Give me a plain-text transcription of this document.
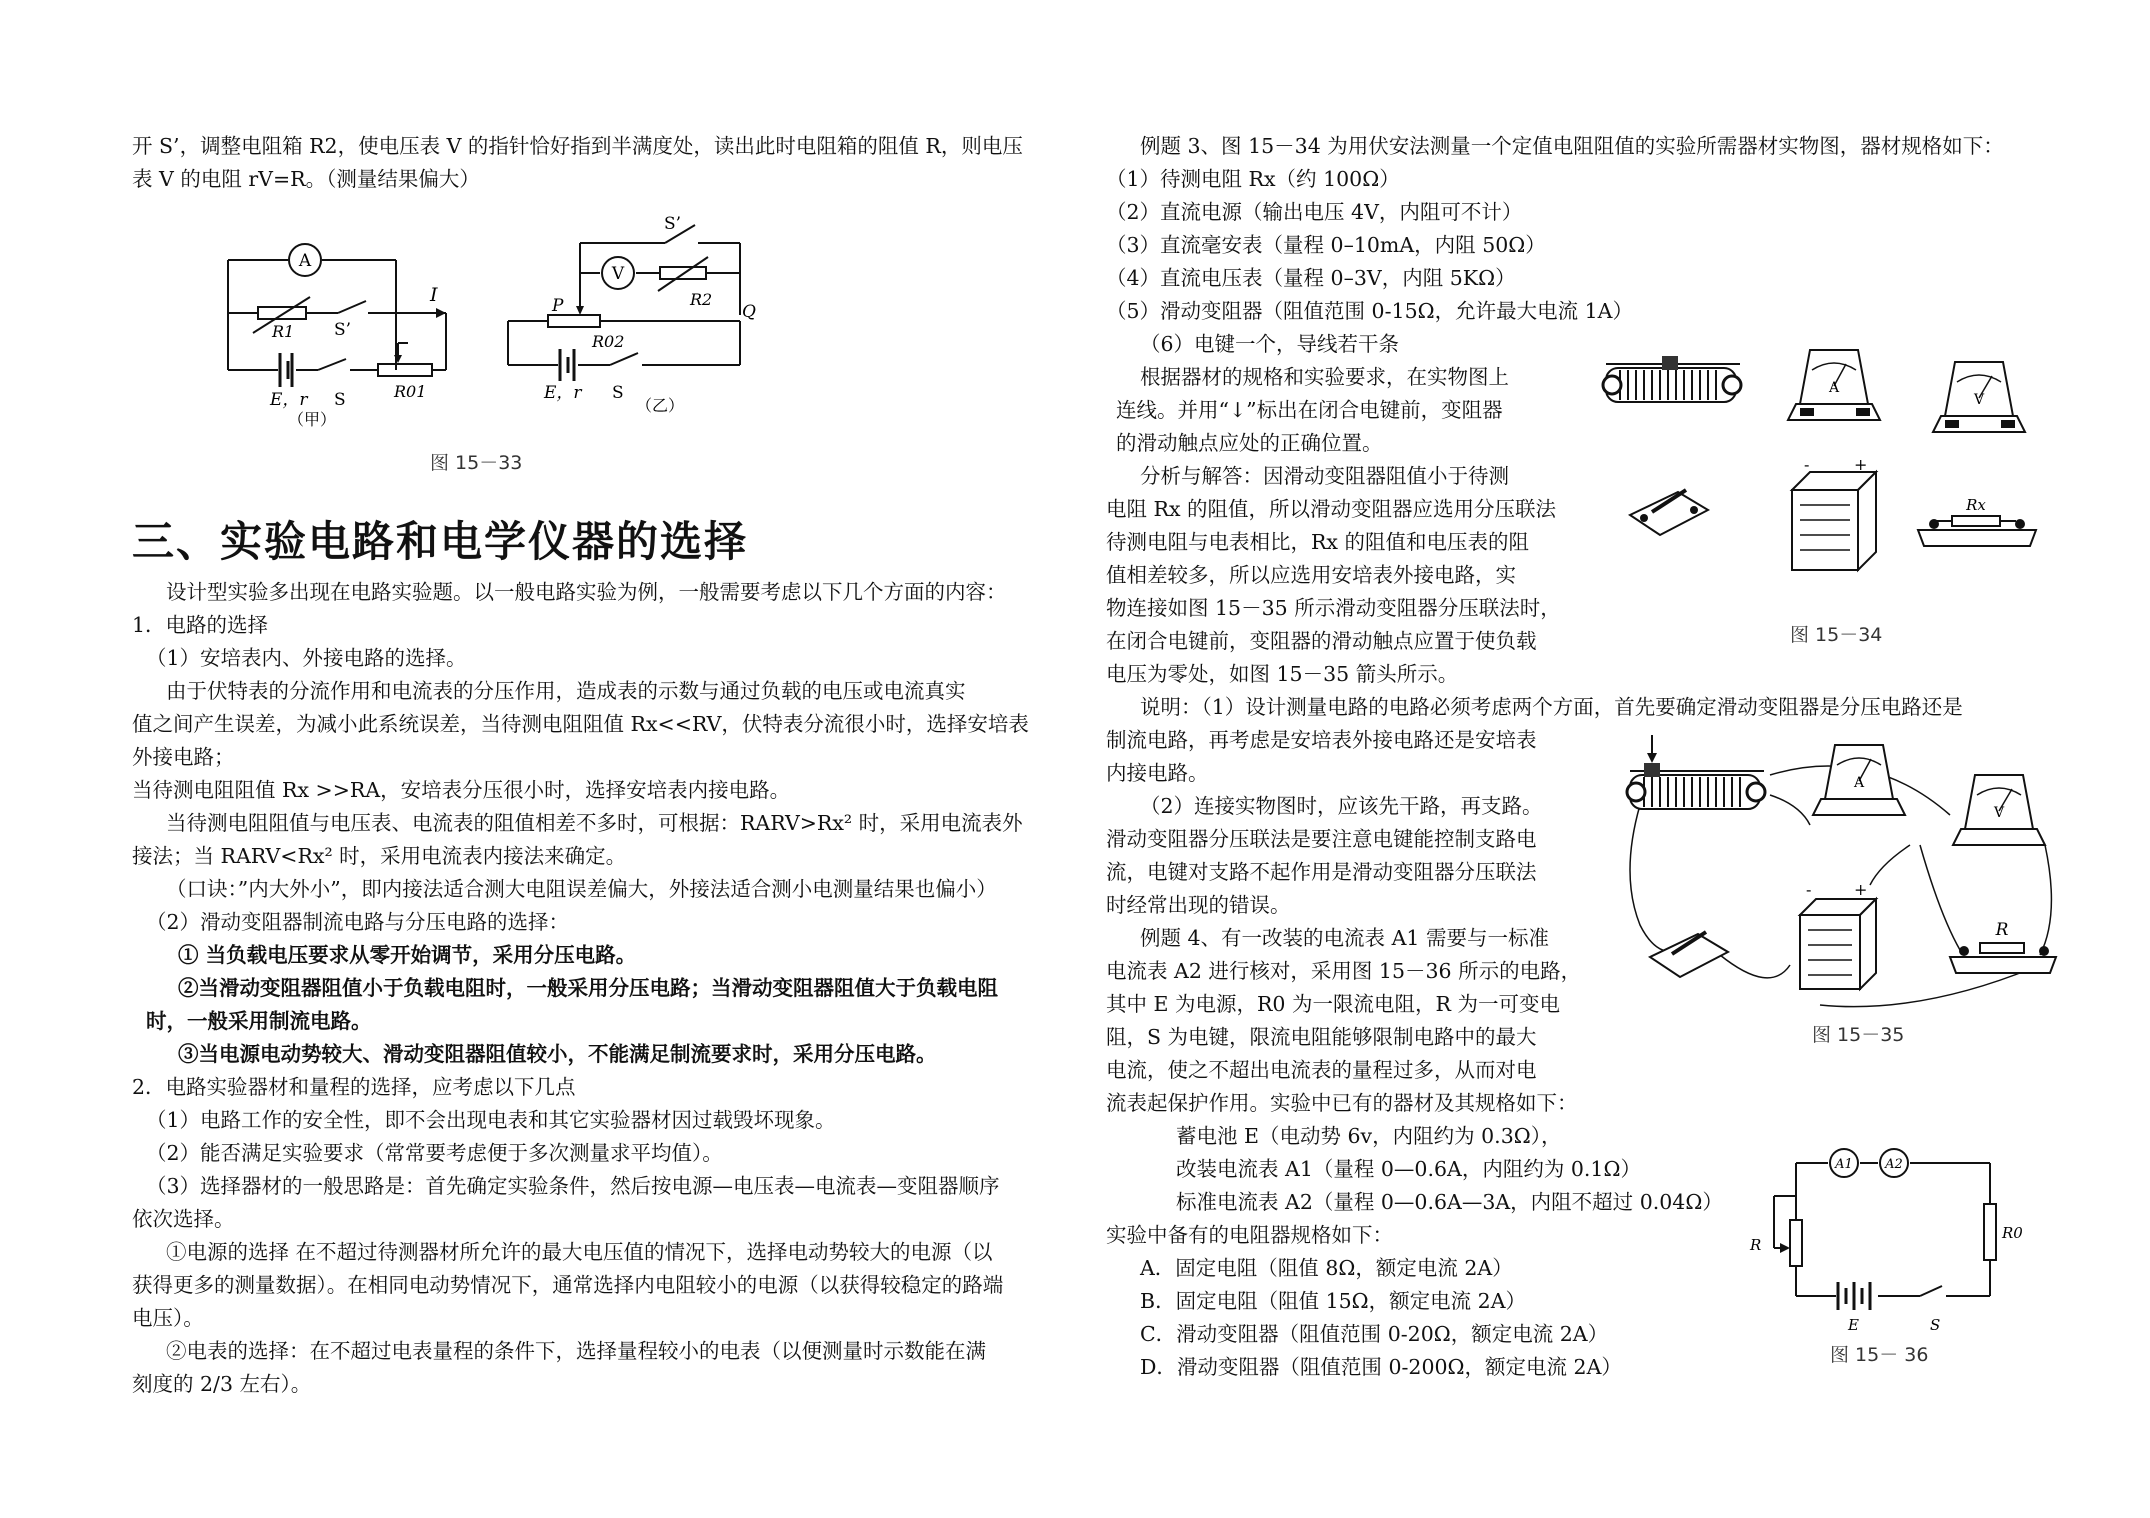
开 S’，调整电阻箱 R2，使电压表 V 的指针恰好指到半满度处，读出此时电阻箱的阻值 R，则电压

表 V 的电阻 rV=R。（测量结果偏大）

A
I
R1 S’
E，r S	R01
（甲）
V
S’
R2
P	Q
R02
E，r S
（乙）
图 15－33

三、实验电路和电学仪器的选择

设计型实验多出现在电路实验题。以一般电路实验为例，一般需要考虑以下几个方面的内容：

1．电路的选择

（1）安培表内、外接电路的选择。

由于伏特表的分流作用和电流表的分压作用，造成表的示数与通过负载的电压或电流真实

值之间产生误差，为减小此系统误差，当待测电阻阻值 Rx<<RV，伏特表分流很小时，选择安培表

外接电路；

当待测电阻阻值 Rx >>RA，安培表分压很小时，选择安培表内接电路。

当待测电阻阻值与电压表、电流表的阻值相差不多时，可根据：RARV>Rx² 时，采用电流表外

接法；当 RARV<Rx² 时，采用电流表内接法来确定。

（口诀：”内大外小”，即内接法适合测大电阻误差偏大，外接法适合测小电测量结果也偏小）

（2）滑动变阻器制流电路与分压电路的选择：

① 当负载电压要求从零开始调节，采用分压电路。

②当滑动变阻器阻值小于负载电阻时，一般采用分压电路；当滑动变阻器阻值大于负载电阻

时，一般采用制流电路。

③当电源电动势较大、滑动变阻器阻值较小，不能满足制流要求时，采用分压电路。

2．电路实验器材和量程的选择，应考虑以下几点

（1）电路工作的安全性，即不会出现电表和其它实验器材因过载毁坏现象。

（2）能否满足实验要求（常常要考虑便于多次测量求平均值）。

（3）选择器材的一般思路是：首先确定实验条件，然后按电源—电压表—电流表—变阻器顺序

依次选择。

①电源的选择 在不超过待测器材所允许的最大电压值的情况下，选择电动势较大的电源（以

获得更多的测量数据）。在相同电动势情况下，通常选择内电阻较小的电源（以获得较稳定的路端

电压）。

②电表的选择：在不超过电表量程的条件下，选择量程较小的电表（以便测量时示数能在满

刻度的 2/3 左右）。

例题 3、图 15－34 为用伏安法测量一个定值电阻阻值的实验所需器材实物图，器材规格如下：

（1）待测电阻 Rx（约 100Ω）

（2）直流电源（输出电压 4V，内阻可不计）

（3）直流毫安表（量程 0–10mA，内阻 50Ω）

（4）直流电压表（量程 0–3V，内阻 5KΩ）

（5）滑动变阻器（阻值范围 0-15Ω，允许最大电流 1A）

（6）电键一个，导线若干条

根据器材的规格和实验要求，在实物图上

连线。并用“↓”标出在闭合电键前，变阻器

的滑动触点应处的正确位置。

分析与解答：因滑动变阻器阻值小于待测

电阻 Rx 的阻值，所以滑动变阻器应选用分压联法

待测电阻与电表相比，Rx 的阻值和电压表的阻

值相差较多，所以应选用安培表外接电路，实

物连接如图 15－35 所示滑动变阻器分压联法时，

在闭合电键前，变阻器的滑动触点应置于使负载

电压为零处，如图 15－35 箭头所示。

说明：（1）设计测量电路的电路必须考虑两个方面，首先要确定滑动变阻器是分压电路还是

制流电路，再考虑是安培表外接电路还是安培表

内接电路。

（2）连接实物图时，应该先干路，再支路。

滑动变阻器分压联法是要注意电键能控制支路电

流，电键对支路不起作用是滑动变阻器分压联法

时经常出现的错误。

例题 4、有一改装的电流表 A1 需要与一标准

电流表 A2 进行核对，采用图 15－36 所示的电路，

其中 E 为电源，R0 为一限流电阻，R 为一可变电

阻，S 为电键，限流电阻能够限制电路中的最大

电流，使之不超出电流表的量程过多，从而对电

流表起保护作用。实验中已有的器材及其规格如下：

蓄电池 E（电动势 6v，内阻约为 0.3Ω），

改装电流表 A1（量程 0—0.6A，内阻约为 0.1Ω）

标准电流表 A2（量程 0—0.6A—3A，内阻不超过 0.04Ω）

实验中备有的电阻器规格如下：

A．固定电阻（阻值 8Ω，额定电流 2A）

B．固定电阻（阻值 15Ω，额定电流 2A）

C．滑动变阻器（阻值范围 0-20Ω，额定电流 2A）

D．滑动变阻器（阻值范围 0-200Ω，额定电流 2A）

A
V
-	+
Rx
图 15－34
A
V
-	+
R
图 15－35
A1 A2
R
R0
E	S
图 15－ 36
